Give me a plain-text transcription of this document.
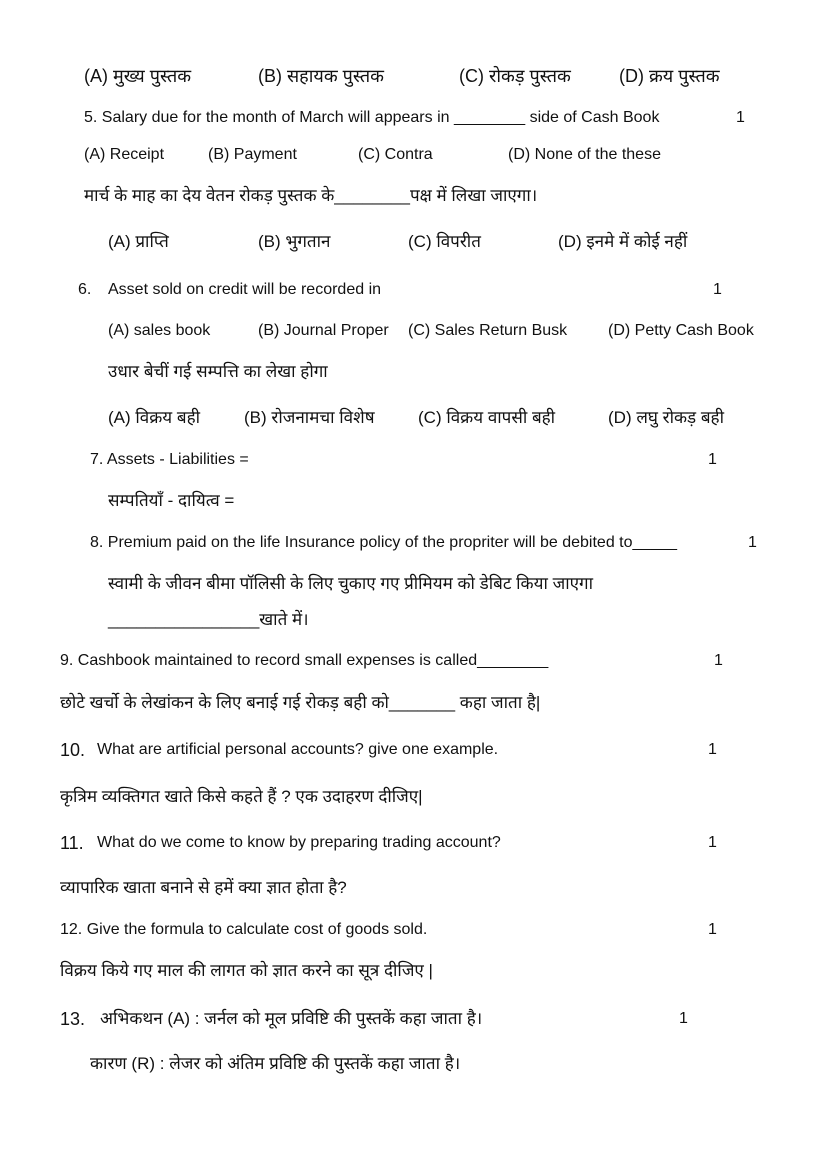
(A) मुख्य पुस्तक	(B) सहायक पुस्तक	(C) रोकड़ पुस्तक	(D) क्रय पुस्तक
5. Salary due for the month of March will appears in ________ side of Cash Book	1
(A) Receipt	(B) Payment	(C) Contra	(D) None of the these
मार्च के माह का देय वेतन रोकड़ पुस्तक के________पक्ष में लिखा जाएगा।
(A) प्राप्ति	(B) भुगतान	(C) विपरीत	(D) इनमे में कोई नहीं
6. Asset sold on credit will be recorded in	1
(A) sales book	(B) Journal Proper (C) Sales Return Busk	(D) Petty Cash Book
उधार बेचीं गई सम्पत्ति का लेखा होगा
(A) विक्रय बही	(B) रोजनामचा विशेष	(C) विक्रय वापसी बही	(D) लघु रोकड़ बही
7. Assets - Liabilities =	1
सम्पतियाँ - दायित्व =
8. Premium paid on the life Insurance policy of the propriter will be debited to_____	1
स्वामी के जीवन बीमा पॉलिसी के लिए चुकाए गए प्रीमियम को डेबिट किया जाएगा
________________खाते में।
9. Cashbook maintained to record small expenses is called________	1
छोटे खर्चो के लेखांकन के लिए बनाई गई रोकड़ बही को_______ कहा जाता है|
10. What are artificial personal accounts? give one example.	1
कृत्रिम व्यक्तिगत खाते किसे कहते हैं ? एक उदाहरण दीजिए|
11. What do we come to know by preparing trading account?	1
व्यापारिक खाता बनाने से हमें क्या ज्ञात होता है?
12. Give the formula to calculate cost of goods sold.	1
विक्रय किये गए माल की लागत को ज्ञात करने का सूत्र दीजिए |
13. अभिकथन (A) : जर्नल को मूल प्रविष्टि की पुस्तकें कहा जाता है।	1
कारण (R) : लेजर को अंतिम प्रविष्टि की पुस्तकें कहा जाता है।
